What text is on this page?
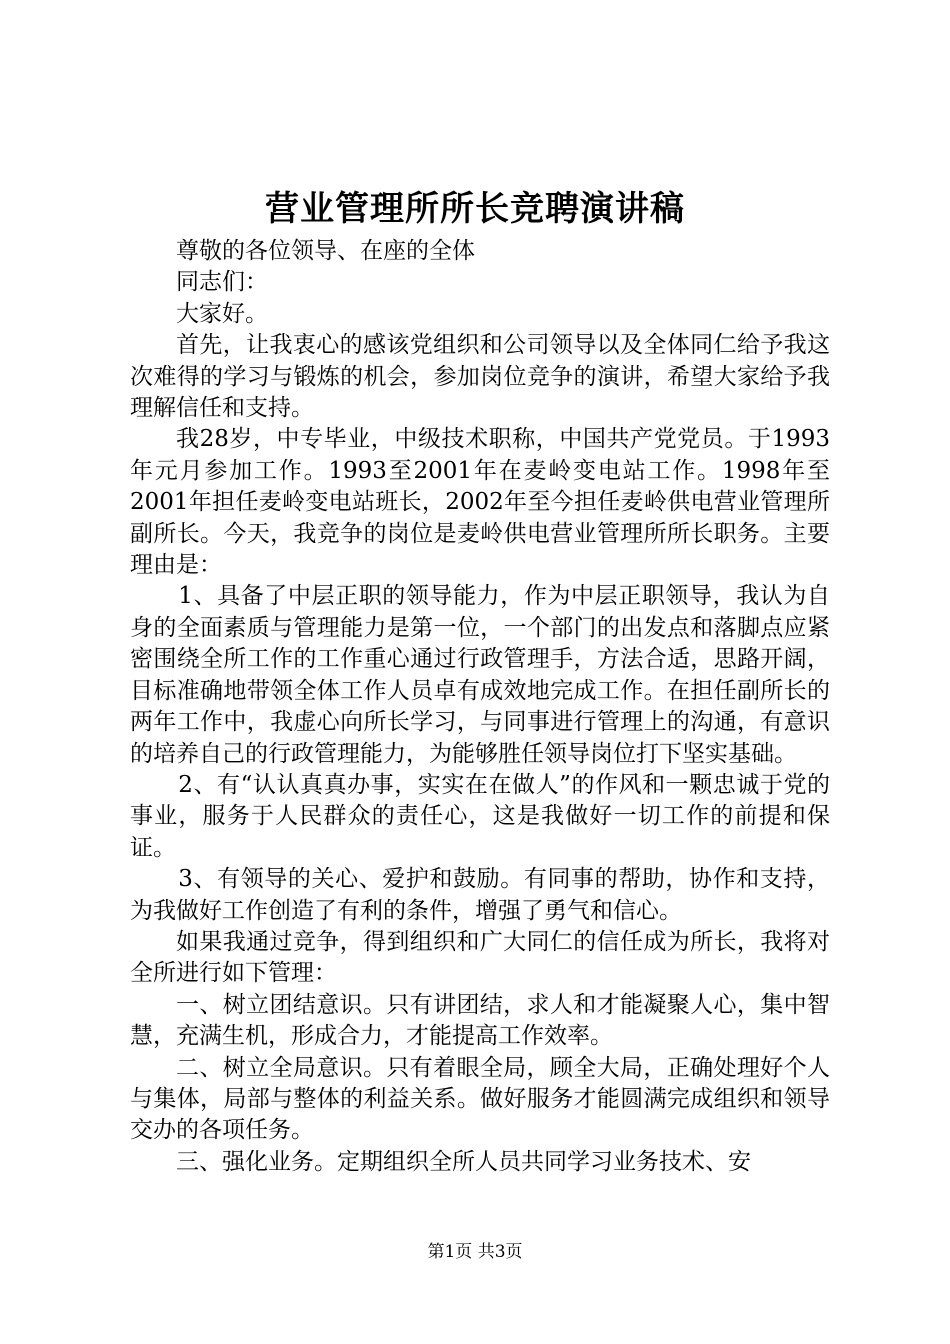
营业管理所所长竞聘演讲稿

尊敬的各位领导、在座的全体

同志们：

大家好。

首先，让我衷心的感该党组织和公司领导以及全体同仁给予我这次难得的学习与锻炼的机会，参加岗位竞争的演讲，希望大家给予我理解信任和支持。

我28岁，中专毕业，中级技术职称，中国共产党党员。于1993年元月参加工作。1993至2001年在麦岭变电站工作。1998年至2001年担任麦岭变电站班长，2002年至今担任麦岭供电营业管理所副所长。今天，我竞争的岗位是麦岭供电营业管理所所长职务。主要理由是：

1、具备了中层正职的领导能力，作为中层正职领导，我认为自身的全面素质与管理能力是第一位，一个部门的出发点和落脚点应紧密围绕全所工作的工作重心通过行政管理手，方法合适，思路开阔，目标准确地带领全体工作人员卓有成效地完成工作。在担任副所长的两年工作中，我虚心向所长学习，与同事进行管理上的沟通，有意识的培养自己的行政管理能力，为能够胜任领导岗位打下坚实基础。

2、有“认认真真办事，实实在在做人”的作风和一颗忠诚于党的事业，服务于人民群众的责任心，这是我做好一切工作的前提和保证。

3、有领导的关心、爱护和鼓励。有同事的帮助，协作和支持，为我做好工作创造了有利的条件，增强了勇气和信心。

如果我通过竞争，得到组织和广大同仁的信任成为所长，我将对全所进行如下管理：

一、树立团结意识。只有讲团结，求人和才能凝聚人心，集中智慧，充满生机，形成合力，才能提高工作效率。

二、树立全局意识。只有着眼全局，顾全大局，正确处理好个人与集体，局部与整体的利益关系。做好服务才能圆满完成组织和领导交办的各项任务。

三、强化业务。定期组织全所人员共同学习业务技术、安

第1页 共3页
